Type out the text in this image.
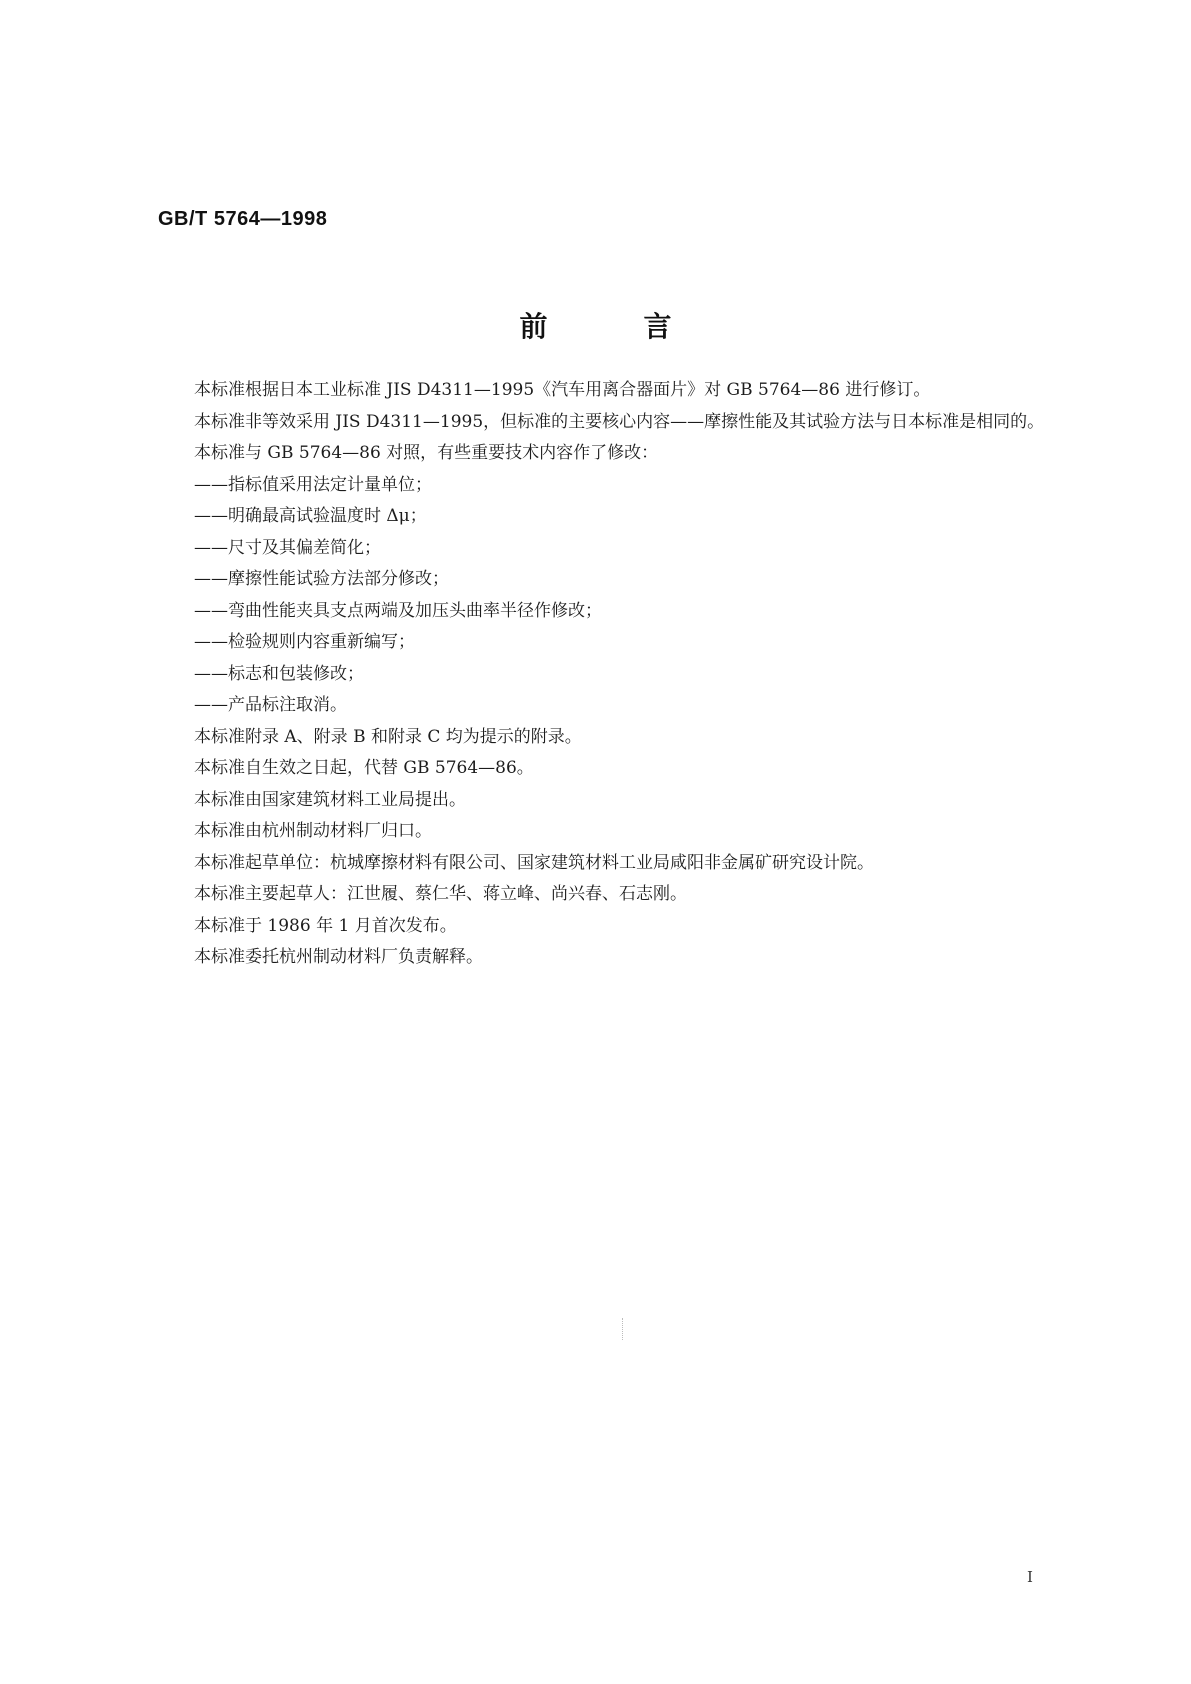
GB/T 5764—1998
前	言

本标准根据日本工业标准 JIS D4311—1995《汽车用离合器面片》对 GB 5764—86 进行修订。

本标准非等效采用 JIS D4311—1995，但标准的主要核心内容——摩擦性能及其试验方法与日本标准是相同的。

本标准与 GB 5764—86 对照，有些重要技术内容作了修改：

——指标值采用法定计量单位；
——明确最高试验温度时 Δμ；
——尺寸及其偏差简化；
——摩擦性能试验方法部分修改；
——弯曲性能夹具支点两端及加压头曲率半径作修改；
——检验规则内容重新编写；
——标志和包装修改；
——产品标注取消。

本标准附录 A、附录 B 和附录 C 均为提示的附录。

本标准自生效之日起，代替 GB 5764—86。

本标准由国家建筑材料工业局提出。

本标准由杭州制动材料厂归口。

本标准起草单位：杭城摩擦材料有限公司、国家建筑材料工业局咸阳非金属矿研究设计院。

本标准主要起草人：江世履、蔡仁华、蒋立峰、尚兴春、石志刚。

本标准于 1986 年 1 月首次发布。

本标准委托杭州制动材料厂负责解释。

I
